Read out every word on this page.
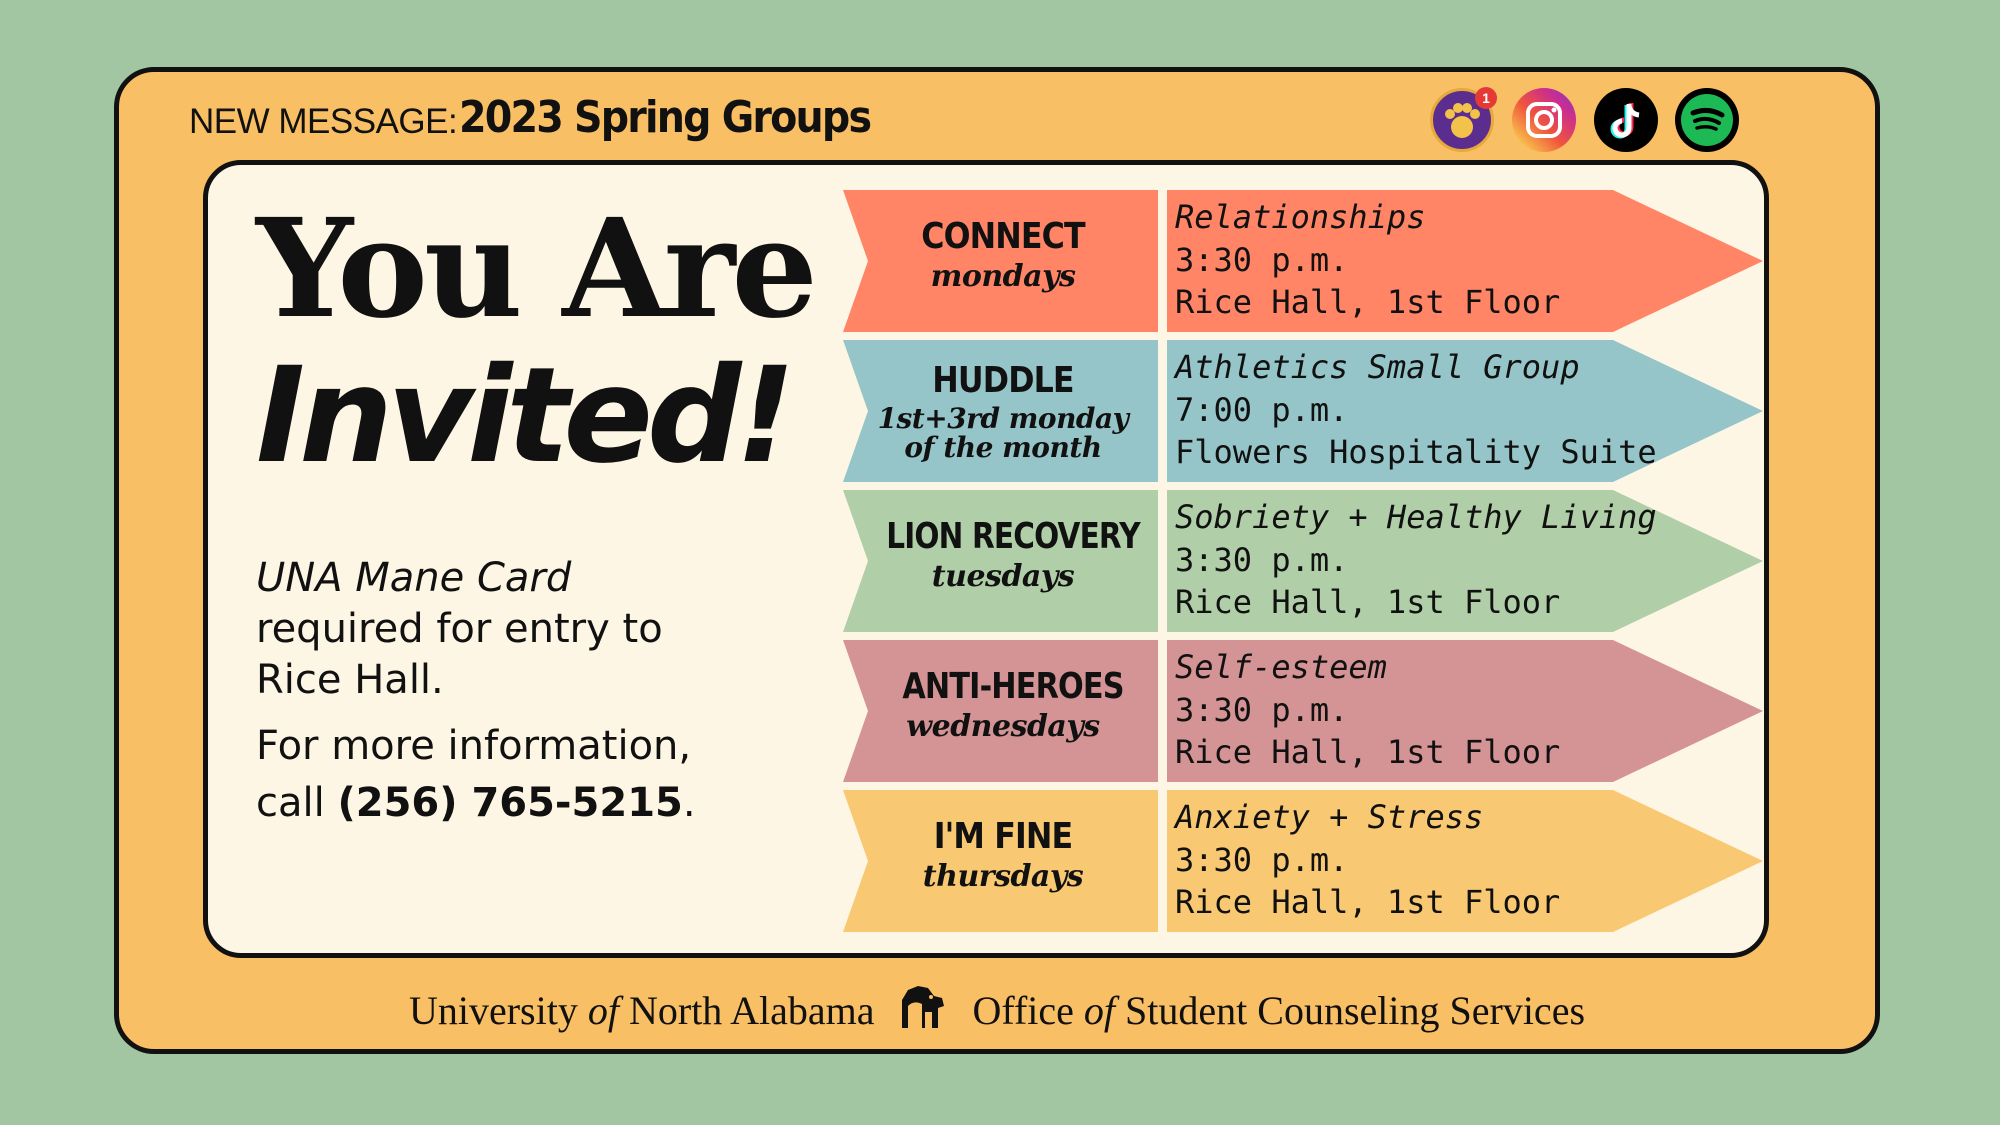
NEW MESSAGE: 2023 Spring Groups	1
You Are
Invited!
UNA Mane Card required for entry to Rice Hall.
For more information, call (256) 765-5215.
CONNECT
mondays
Relationships
3:30 p.m.
Rice Hall, 1st Floor
HUDDLE
1st+3rd monday of the month
Athletics Small Group
7:00 p.m.
Flowers Hospitality Suite
LION RECOVERY
tuesdays
Sobriety + Healthy Living
3:30 p.m.
Rice Hall, 1st Floor
ANTI-HEROES
wednesdays
Self-esteem
3:30 p.m.
Rice Hall, 1st Floor
I'M FINE
thursdays
Anxiety + Stress
3:30 p.m.
Rice Hall, 1st Floor
University of North Alabama Office of Student Counseling Services
